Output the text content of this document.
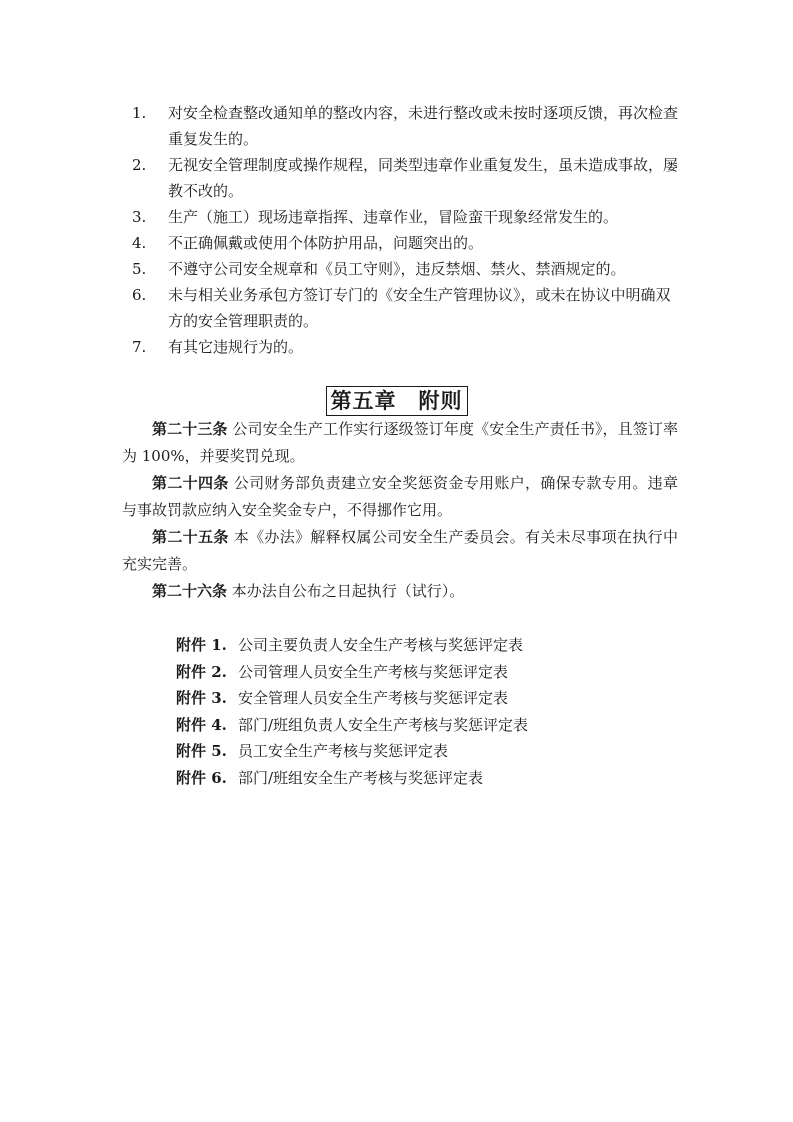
1. 对安全检查整改通知单的整改内容，未进行整改或未按时逐项反馈，再次检查重复发生的。
2. 无视安全管理制度或操作规程，同类型违章作业重复发生，虽未造成事故，屡教不改的。
3. 生产（施工）现场违章指挥、违章作业，冒险蛮干现象经常发生的。
4. 不正确佩戴或使用个体防护用品，问题突出的。
5. 不遵守公司安全规章和《员工守则》，违反禁烟、禁火、禁酒规定的。
6. 未与相关业务承包方签订专门的《安全生产管理协议》，或未在协议中明确双方的安全管理职责的。
7. 有其它违规行为的。
第五章　附则

第二十三条 公司安全生产工作实行逐级签订年度《安全生产责任书》，且签订率为 100%，并要奖罚兑现。

第二十四条 公司财务部负责建立安全奖惩资金专用账户，确保专款专用。违章与事故罚款应纳入安全奖金专户，不得挪作它用。

第二十五条 本《办法》解释权属公司安全生产委员会。有关未尽事项在执行中充实完善。

第二十六条 本办法自公布之日起执行（试行）。

附件 1. 公司主要负责人安全生产考核与奖惩评定表
附件 2. 公司管理人员安全生产考核与奖惩评定表
附件 3. 安全管理人员安全生产考核与奖惩评定表
附件 4. 部门/班组负责人安全生产考核与奖惩评定表
附件 5. 员工安全生产考核与奖惩评定表
附件 6. 部门/班组安全生产考核与奖惩评定表
